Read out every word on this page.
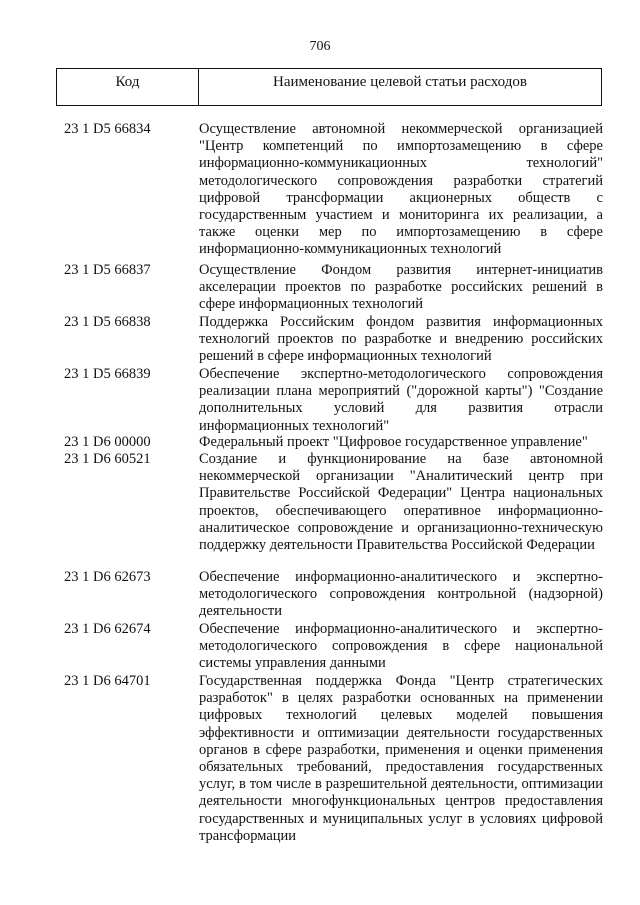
706
Код	Наименование целевой статьи расходов
23 1 D5 66834	Осуществление автономной некоммерческой организацией "Центр компетенций по импортозамещению в сфере информационно-коммуникационных технологий" методологического сопровождения разработки стратегий цифровой трансформации акционерных обществ с государственным участием и мониторинга их реализации, а также оценки мер по импортозамещению в сфере информационно-коммуникационных технологий
23 1 D5 66837	Осуществление Фондом развития интернет-инициатив акселерации проектов по разработке российских решений в сфере информационных технологий
23 1 D5 66838	Поддержка Российским фондом развития информационных технологий проектов по разработке и внедрению российских решений в сфере информационных технологий
23 1 D5 66839	Обеспечение экспертно-методологического сопровождения реализации плана мероприятий ("дорожной карты") "Создание дополнительных условий для развития отрасли информационных технологий"
23 1 D6 00000	Федеральный проект "Цифровое государственное управление"
23 1 D6 60521	Создание и функционирование на базе автономной некоммерческой организации "Аналитический центр при Правительстве Российской Федерации" Центра национальных проектов, обеспечивающего оперативное информационно-аналитическое сопровождение и организационно-техническую поддержку деятельности Правительства Российской Федерации
23 1 D6 62673	Обеспечение информационно-аналитического и экспертно-методологического сопровождения контрольной (надзорной) деятельности
23 1 D6 62674	Обеспечение информационно-аналитического и экспертно-методологического сопровождения в сфере национальной системы управления данными
23 1 D6 64701	Государственная поддержка Фонда "Центр стратегических разработок" в целях разработки основанных на применении цифровых технологий целевых моделей повышения эффективности и оптимизации деятельности государственных органов в сфере разработки, применения и оценки применения обязательных требований, предоставления государственных услуг, в том числе в разрешительной деятельности, оптимизации деятельности многофункциональных центров предоставления государственных и муниципальных услуг в условиях цифровой трансформации
